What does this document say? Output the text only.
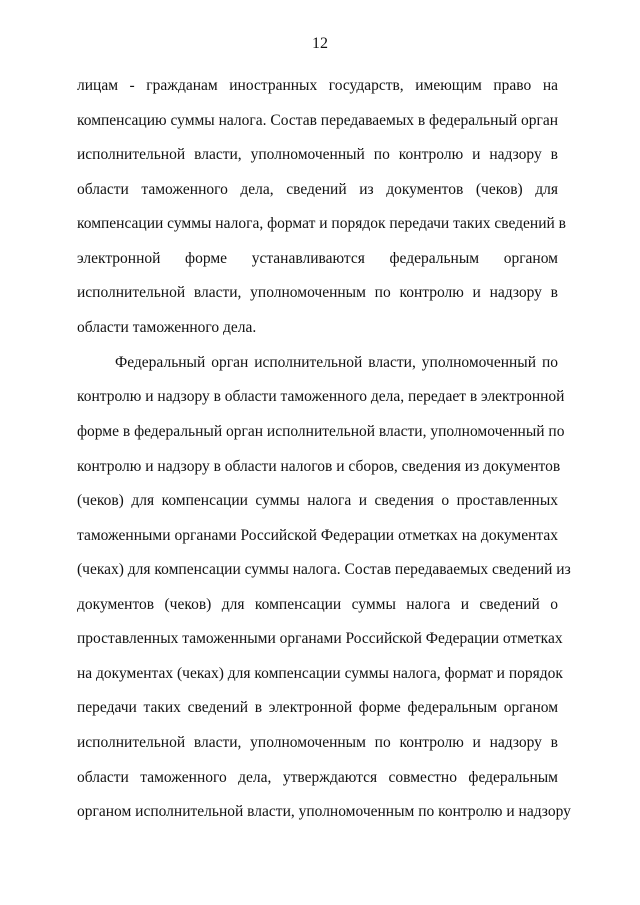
12
лицам - гражданам иностранных государств, имеющим право на
компенсацию суммы налога. Состав передаваемых в федеральный орган
исполнительной власти, уполномоченный по контролю и надзору в
области таможенного дела, сведений из документов (чеков) для
компенсации суммы налога, формат и порядок передачи таких сведений в
электронной форме устанавливаются федеральным органом
исполнительной власти, уполномоченным по контролю и надзору в
области таможенного дела.
Федеральный орган исполнительной власти, уполномоченный по
контролю и надзору в области таможенного дела, передает в электронной
форме в федеральный орган исполнительной власти, уполномоченный по
контролю и надзору в области налогов и сборов, сведения из документов
(чеков) для компенсации суммы налога и сведения о проставленных
таможенными органами Российской Федерации отметках на документах
(чеках) для компенсации суммы налога. Состав передаваемых сведений из
документов (чеков) для компенсации суммы налога и сведений о
проставленных таможенными органами Российской Федерации отметках
на документах (чеках) для компенсации суммы налога, формат и порядок
передачи таких сведений в электронной форме федеральным органом
исполнительной власти, уполномоченным по контролю и надзору в
области таможенного дела, утверждаются совместно федеральным
органом исполнительной власти, уполномоченным по контролю и надзору
